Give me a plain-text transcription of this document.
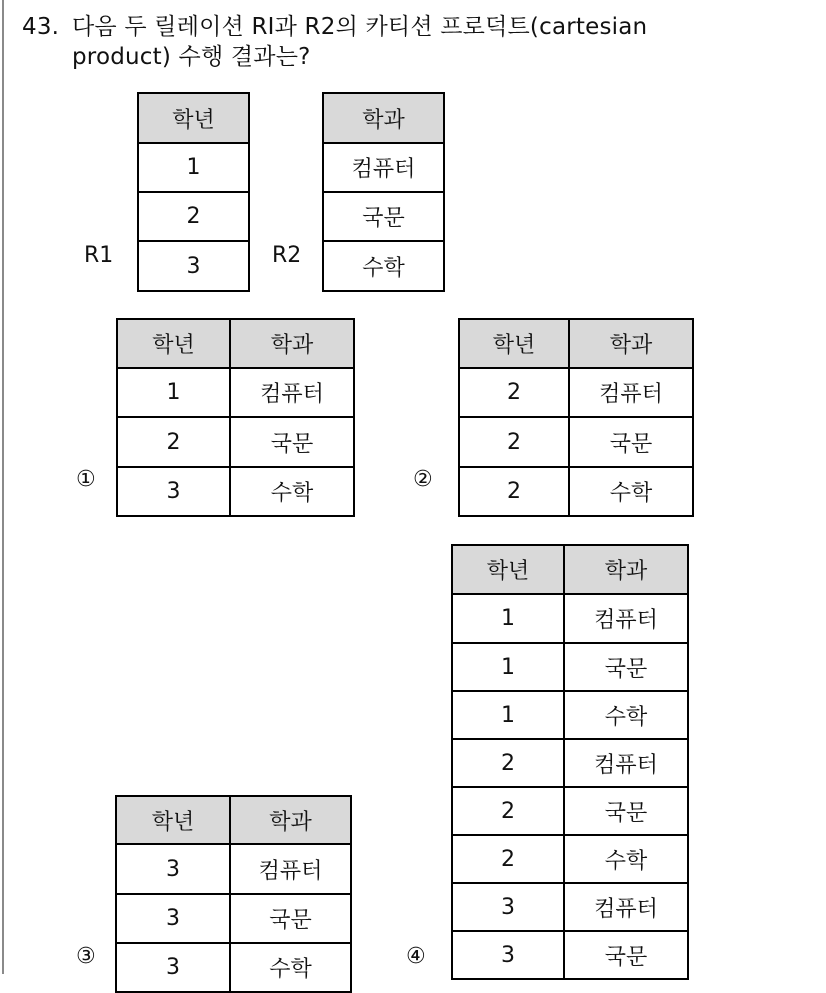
43. 다음 두 릴레이션 RI과 R2의 카티션 프로덕트(cartesian
product) 수행 결과는?
R1
학년
1
2
3	R2
학과
컴퓨터
국문
수학
①
학년	학과
1	컴퓨터
2	국문
3	수학
②
학년	학과
2	컴퓨터
2	국문
2	수학
③
학년	학과
3	컴퓨터
3	국문
3	수학
④
학년	학과
1	컴퓨터
1	국문
1	수학
2	컴퓨터
2	국문
2	수학
3	컴퓨터
3	국문
